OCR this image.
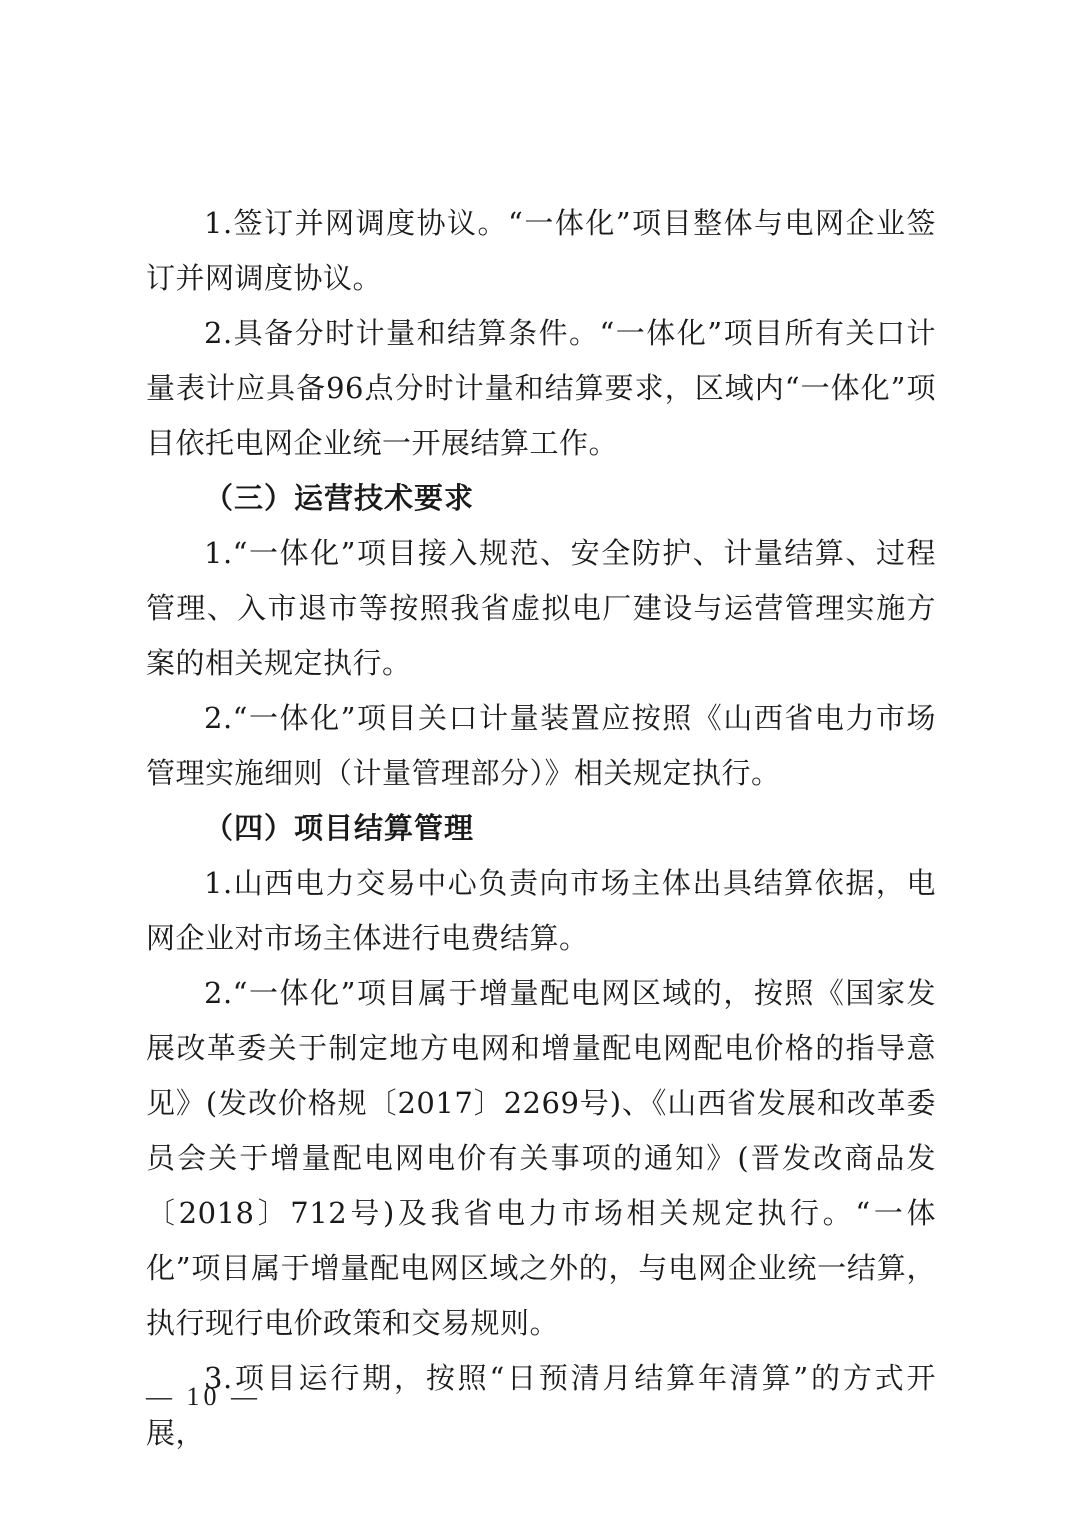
1.签订并网调度协议。“一体化”项目整体与电网企业签订并网调度协议。

2.具备分时计量和结算条件。“一体化”项目所有关口计量表计应具备96点分时计量和结算要求，区域内“一体化”项目依托电网企业统一开展结算工作。

（三）运营技术要求

1.“一体化”项目接入规范、安全防护、计量结算、过程管理、入市退市等按照我省虚拟电厂建设与运营管理实施方案的相关规定执行。

2.“一体化”项目关口计量装置应按照《山西省电力市场管理实施细则（计量管理部分）》相关规定执行。

（四）项目结算管理

1.山西电力交易中心负责向市场主体出具结算依据，电网企业对市场主体进行电费结算。

2.“一体化”项目属于增量配电网区域的，按照《国家发展改革委关于制定地方电网和增量配电网配电价格的指导意见》(发改价格规〔2017〕2269号)、《山西省发展和改革委员会关于增量配电网电价有关事项的通知》(晋发改商品发〔2018〕712号)及我省电力市场相关规定执行。“一体化”项目属于增量配电网区域之外的，与电网企业统一结算，执行现行电价政策和交易规则。

3.项目运行期，按照“日预清月结算年清算”的方式开展，

— 10 —
